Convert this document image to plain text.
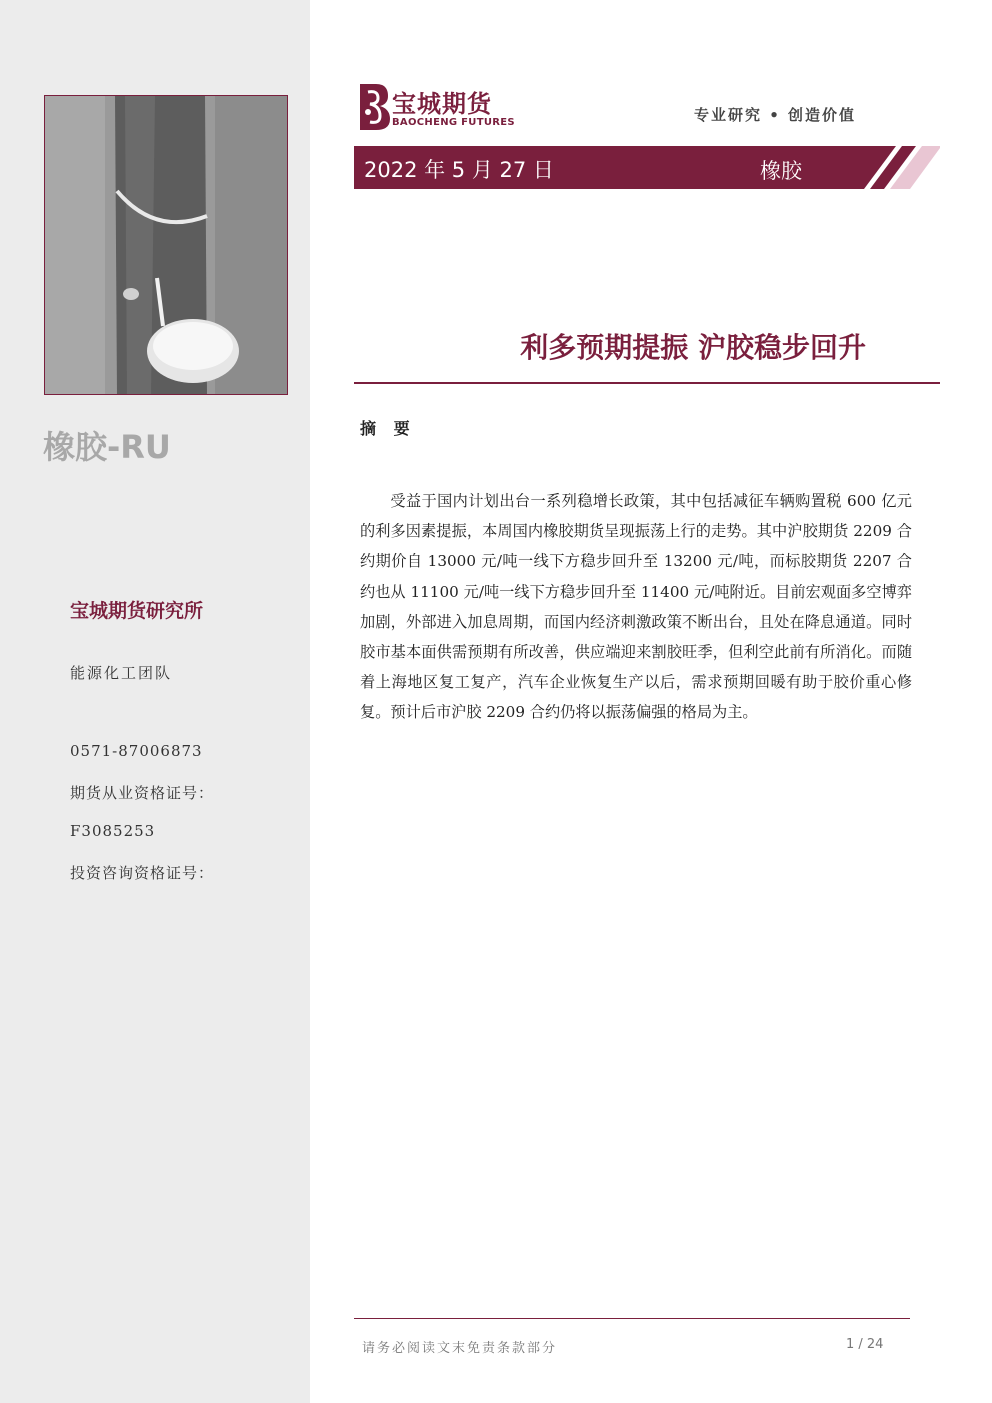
橡胶-RU
宝城期货研究所
能源化工团队
0571-87006873
期货从业资格证号：
F3085253
投资咨询资格证号：
宝城期货
BAOCHENG FUTURES	专业研究 • 创造价值
2022 年 5 月 27 日	橡胶
利多预期提振 沪胶稳步回升
摘 要

受益于国内计划出台一系列稳增长政策，其中包括减征车辆购置税 600 亿元的利多因素提振，本周国内橡胶期货呈现振荡上行的走势。其中沪胶期货 2209 合约期价自 13000 元/吨一线下方稳步回升至 13200 元/吨，而标胶期货 2207 合约也从 11100 元/吨一线下方稳步回升至 11400 元/吨附近。目前宏观面多空博弈加剧，外部进入加息周期，而国内经济刺激政策不断出台，且处在降息通道。同时胶市基本面供需预期有所改善，供应端迎来割胶旺季，但利空此前有所消化。而随着上海地区复工复产，汽车企业恢复生产以后，需求预期回暖有助于胶价重心修复。预计后市沪胶 2209 合约仍将以振荡偏强的格局为主。

请务必阅读文末免责条款部分	1 / 24
